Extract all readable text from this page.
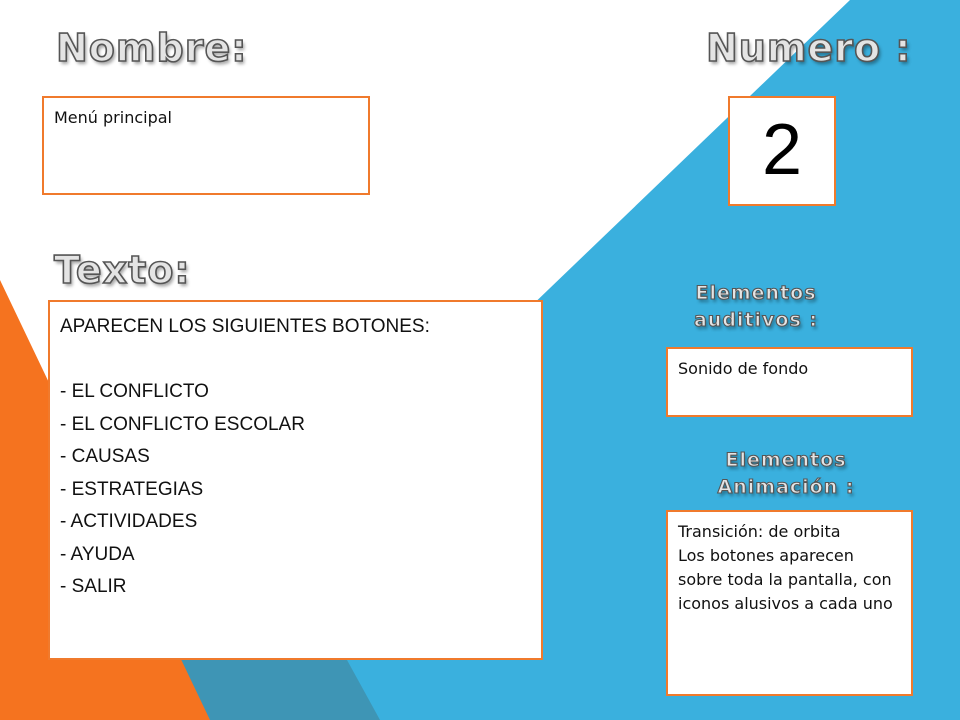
Nombre:	Numero :
Texto:
Elementos auditivos :
Elementos Animación :

Menú principal	2

APARECEN LOS SIGUIENTES BOTONES:

- EL CONFLICTO

- EL CONFLICTO ESCOLAR

- CAUSAS

- ESTRATEGIAS

- ACTIVIDADES

- AYUDA

- SALIR

Sonido de fondo

Transición: de orbita

Los botones aparecen sobre toda la pantalla, con iconos alusivos a cada uno
